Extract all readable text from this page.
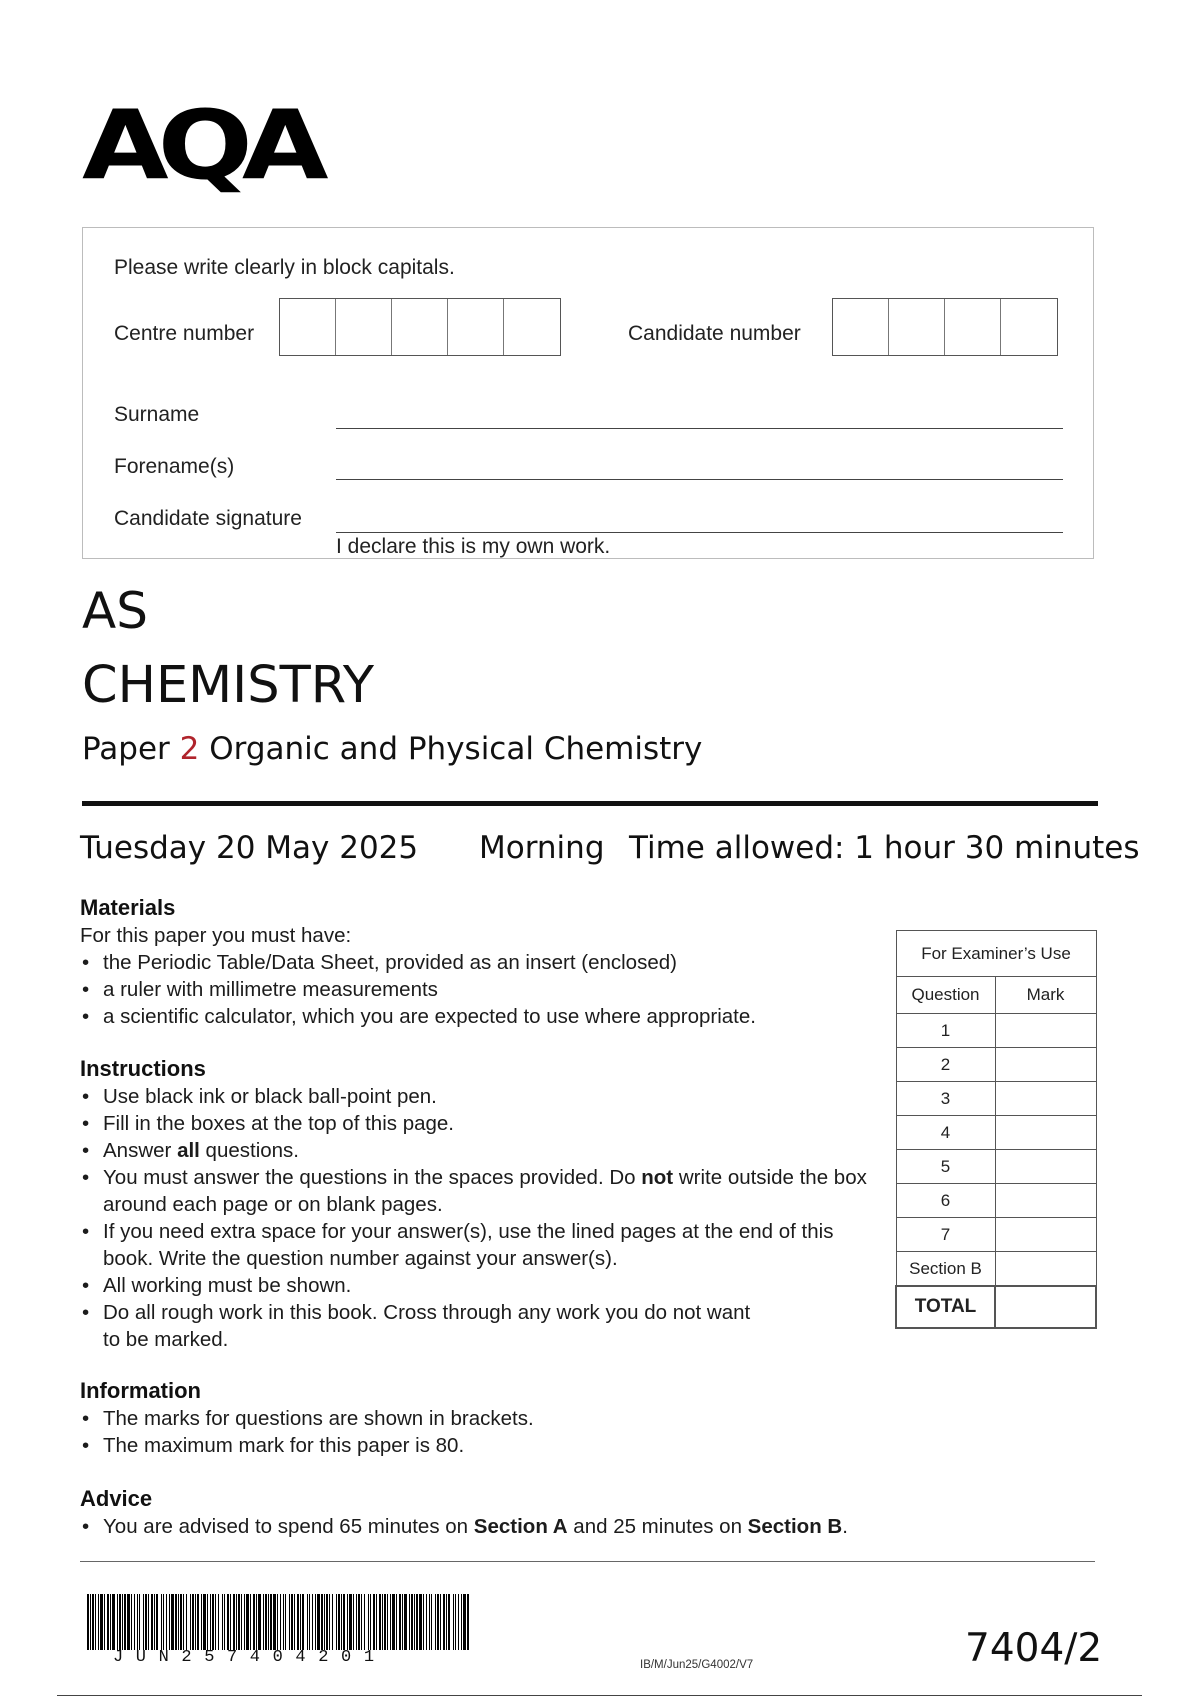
AQA
Please write clearly in block capitals.
Centre number	Candidate number
Surname
Forename(s)
Candidate signature
I declare this is my own work.
AS
CHEMISTRY
Paper 2 Organic and Physical Chemistry
Tuesday 20 May 2025 Morning Time allowed: 1 hour 30 minutes
Materials
For this paper you must have:
• the Periodic Table/Data Sheet, provided as an insert (enclosed)
• a ruler with millimetre measurements
• a scientific calculator, which you are expected to use where appropriate.
Instructions
• Use black ink or black ball-point pen.
• Fill in the boxes at the top of this page.
• Answer all questions.
• You must answer the questions in the spaces provided. Do not write outside the box around each page or on blank pages.
• If you need extra space for your answer(s), use the lined pages at the end of this book. Write the question number against your answer(s).
• All working must be shown.
• Do all rough work in this book. Cross through any work you do not want to be marked.
Information
• The marks for questions are shown in brackets.
• The maximum mark for this paper is 80.
Advice
• You are advised to spend 65 minutes on Section A and 25 minutes on Section B.
For Examiner’s Use	
Question	Mark
1	
2	
3	
4	
5	
6	
7	
Section B	
TOTAL	
JUN257404201	IB/M/Jun25/G4002/V7	7404/2
